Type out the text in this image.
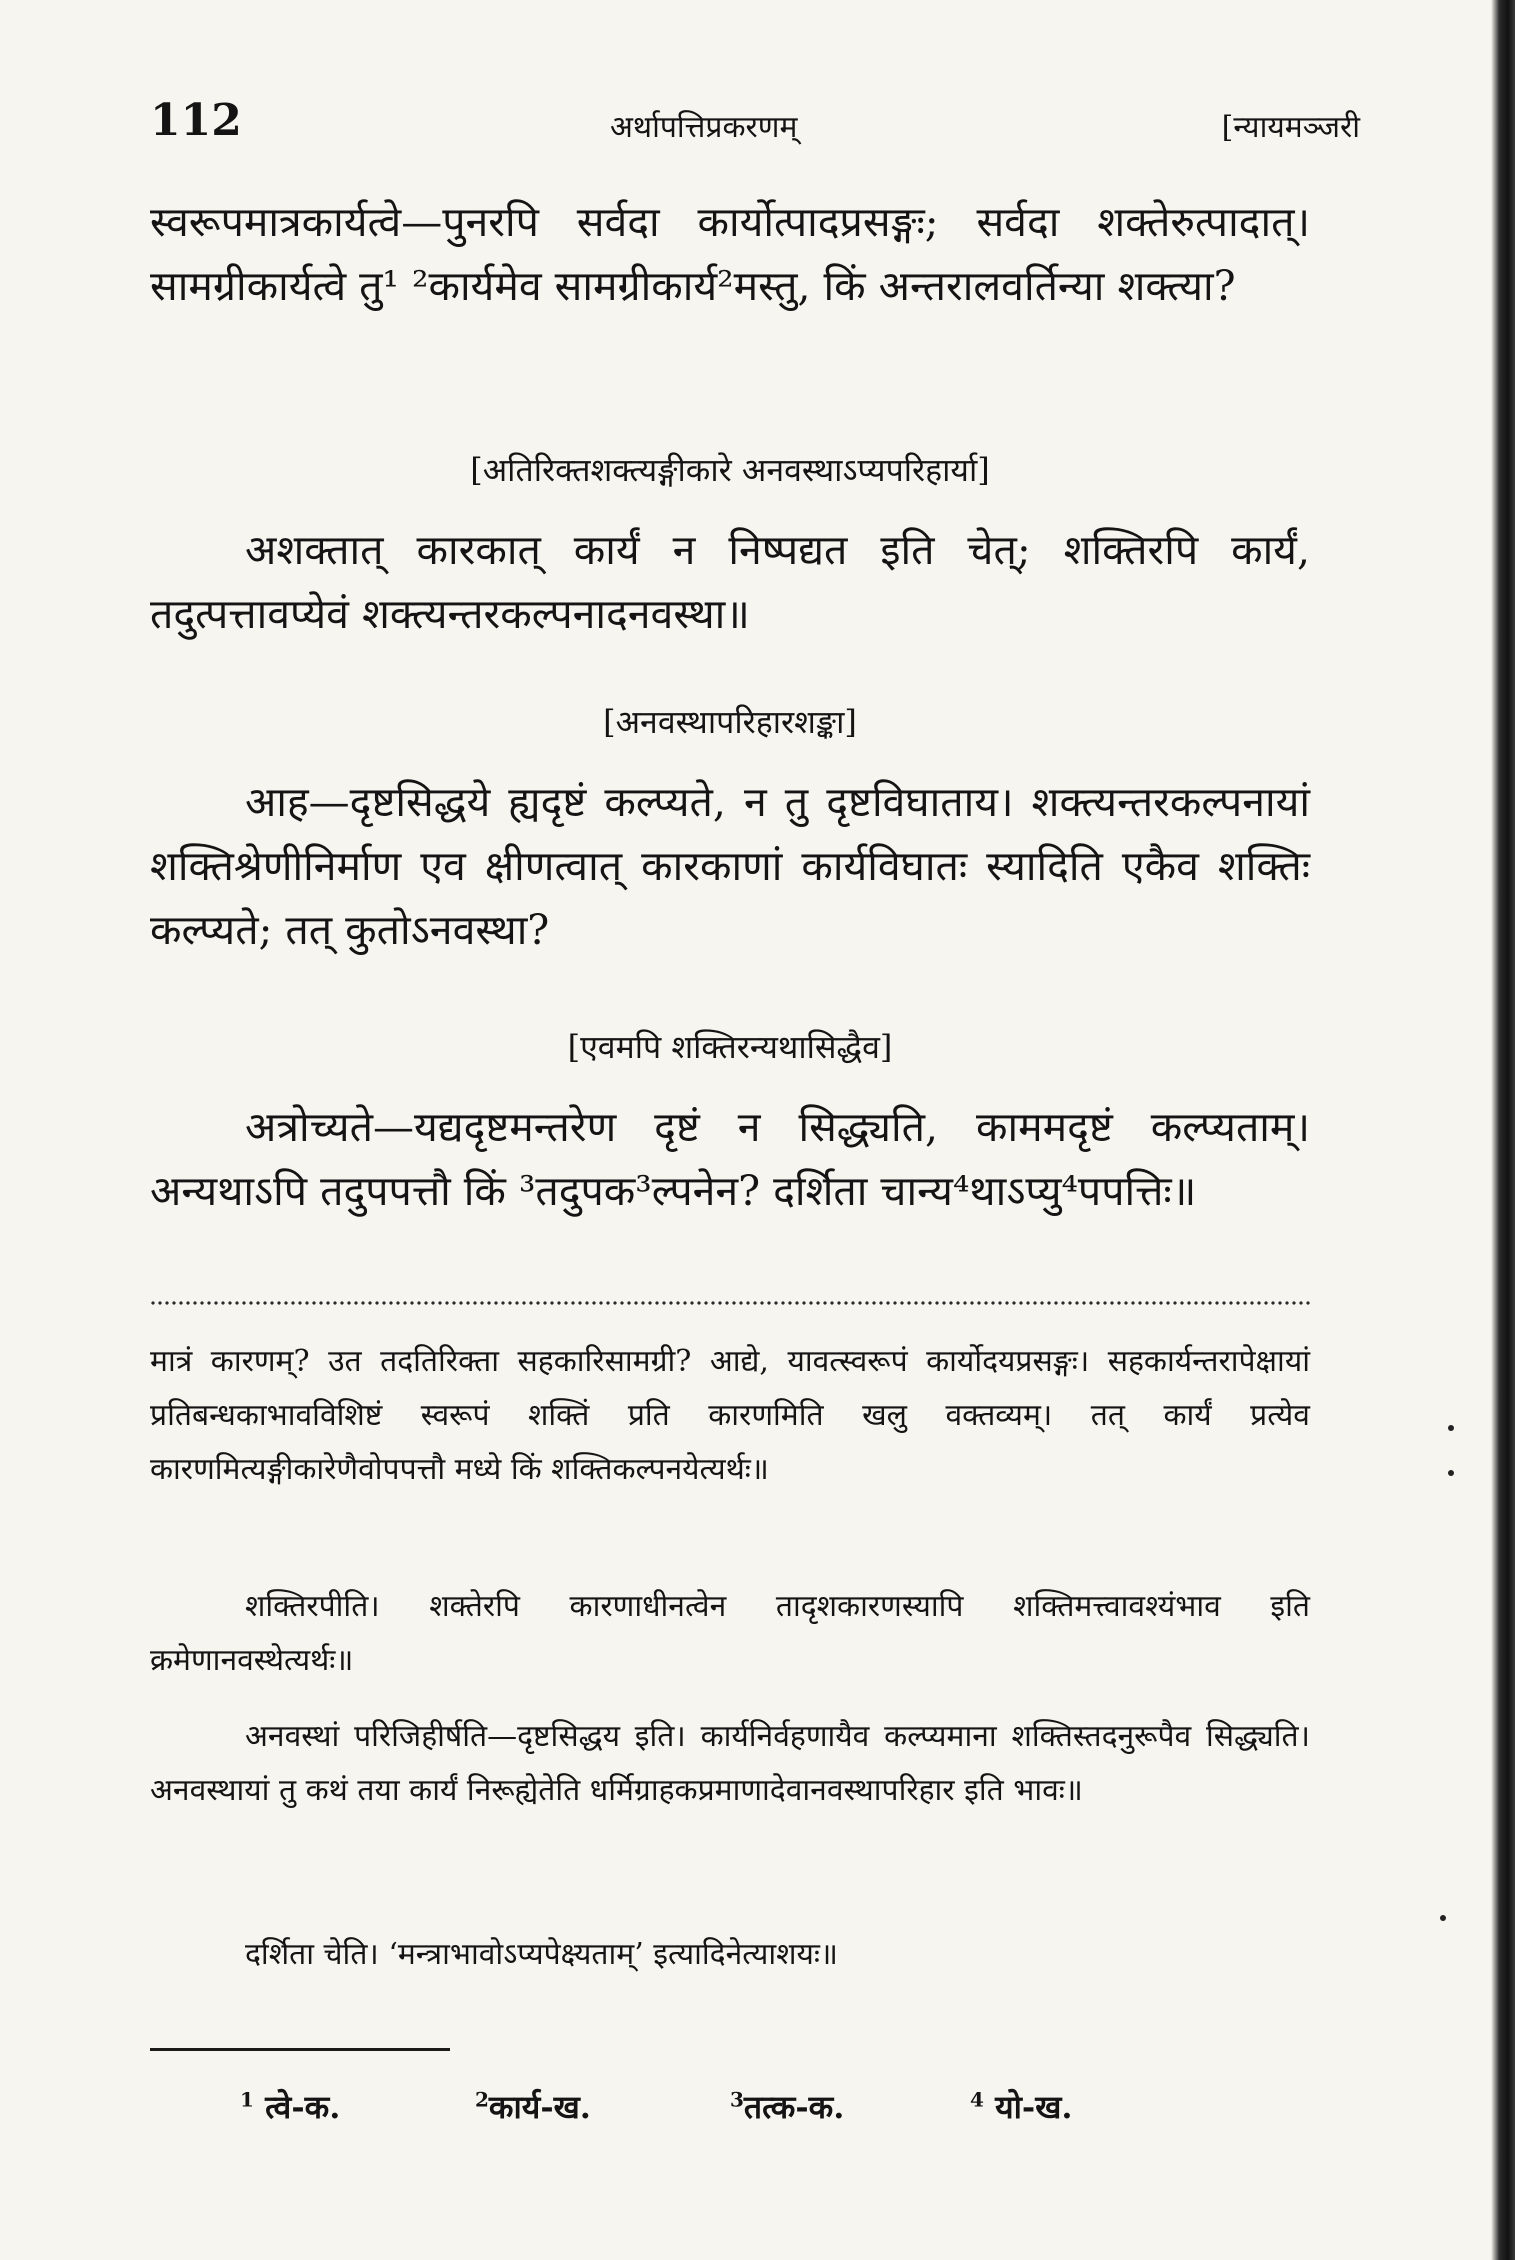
112	अर्थापत्तिप्रकरणम्	[न्यायमञ्जरी

स्वरूपमात्रकार्यत्वे—पुनरपि सर्वदा कार्योत्पादप्रसङ्गः; सर्वदा शक्तेरुत्पादात्। सामग्रीकार्यत्वे तु¹ ²कार्यमेव सामग्रीकार्य²मस्तु, किं अन्तरालवर्तिन्या शक्त्या?

[अतिरिक्तशक्त्यङ्गीकारे अनवस्थाऽप्यपरिहार्या]

अशक्तात् कारकात् कार्यं न निष्पद्यत इति चेत्; शक्तिरपि कार्यं, तदुत्पत्तावप्येवं शक्त्यन्तरकल्पनादनवस्था॥

[अनवस्थापरिहारशङ्का]

आह—दृष्टसिद्धये ह्यदृष्टं कल्प्यते, न तु दृष्टविघाताय। शक्त्यन्तरकल्पनायां शक्तिश्रेणीनिर्माण एव क्षीणत्वात् कारकाणां कार्यविघातः स्यादिति एकैव शक्तिः कल्प्यते; तत् कुतोऽनवस्था?

[एवमपि शक्तिरन्यथासिद्धैव]

अत्रोच्यते—यद्यदृष्टमन्तरेण दृष्टं न सिद्ध्यति, काममदृष्टं कल्प्यताम्। अन्यथाऽपि तदुपपत्तौ किं ³तदुपक³ल्पनेन? दर्शिता चान्य⁴थाऽप्यु⁴पपत्तिः॥

मात्रं कारणम्? उत तदतिरिक्ता सहकारिसामग्री? आद्ये, यावत्स्वरूपं कार्योदयप्रसङ्गः। सहकार्यन्तरापेक्षायां प्रतिबन्धकाभावविशिष्टं स्वरूपं शक्तिं प्रति कारणमिति खलु वक्तव्यम्। तत् कार्यं प्रत्येव कारणमित्यङ्गीकारेणैवोपपत्तौ मध्ये किं शक्तिकल्पनयेत्यर्थः॥

शक्तिरपीति। शक्तेरपि कारणाधीनत्वेन तादृशकारणस्यापि शक्तिमत्त्वावश्यंभाव इति क्रमेणानवस्थेत्यर्थः॥

अनवस्थां परिजिहीर्षति—दृष्टसिद्धय इति। कार्यनिर्वहणायैव कल्प्यमाना शक्तिस्तदनुरूपैव सिद्ध्यति। अनवस्थायां तु कथं तया कार्यं निरूह्येतेति धर्मिग्राहकप्रमाणादेवानवस्थापरिहार इति भावः॥

दर्शिता चेति। ‘मन्त्राभावोऽप्यपेक्ष्यताम्’ इत्यादिनेत्याशयः॥

$^1$ त्वे-क.	$^2$कार्य-ख.	$^3$तत्क-क.	$^4$ यो-ख.
